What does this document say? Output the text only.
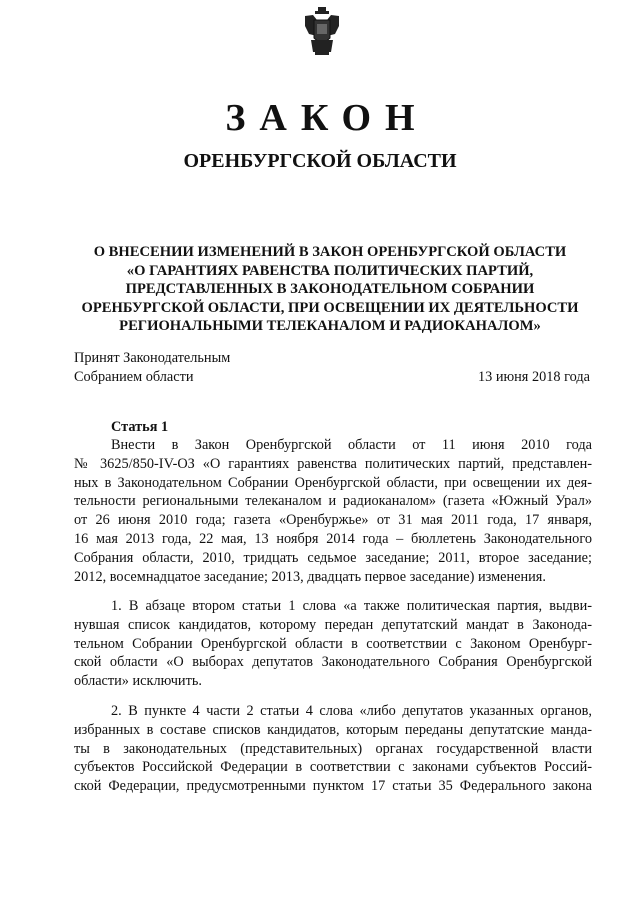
ЗАКОН
ОРЕНБУРГСКОЙ ОБЛАСТИ
О ВНЕСЕНИИ ИЗМЕНЕНИЙ В ЗАКОН ОРЕНБУРГСКОЙ ОБЛАСТИ
«О ГАРАНТИЯХ РАВЕНСТВА ПОЛИТИЧЕСКИХ ПАРТИЙ,
ПРЕДСТАВЛЕННЫХ В ЗАКОНОДАТЕЛЬНОМ СОБРАНИИ
ОРЕНБУРГСКОЙ ОБЛАСТИ, ПРИ ОСВЕЩЕНИИ ИХ ДЕЯТЕЛЬНОСТИ
РЕГИОНАЛЬНЫМИ ТЕЛЕКАНАЛОМ И РАДИОКАНАЛОМ»
Принят Законодательным
Собранием области	13 июня 2018 года
Статья 1
Внести в Закон Оренбургской области от 11 июня 2010 года
№ 3625/850-IV-ОЗ «О гарантиях равенства политических партий, представлен-
ных в Законодательном Собрании Оренбургской области, при освещении их дея-
тельности региональными телеканалом и радиоканалом» (газета «Южный Урал»
от 26 июня 2010 года; газета «Оренбуржье» от 31 мая 2011 года, 17 января,
16 мая 2013 года, 22 мая, 13 ноября 2014 года – бюллетень Законодательного
Собрания области, 2010, тридцать седьмое заседание; 2011, второе заседание;
2012, восемнадцатое заседание; 2013, двадцать первое заседание) изменения.
1. В абзаце втором статьи 1 слова «а также политическая партия, выдви-
нувшая список кандидатов, которому передан депутатский мандат в Законода-
тельном Собрании Оренбургской области в соответствии с Законом Оренбург-
ской области «О выборах депутатов Законодательного Собрания Оренбургской
области» исключить.
2. В пункте 4 части 2 статьи 4 слова «либо депутатов указанных органов,
избранных в составе списков кандидатов, которым переданы депутатские манда-
ты в законодательных (представительных) органах государственной власти
субъектов Российской Федерации в соответствии с законами субъектов Россий-
ской Федерации, предусмотренными пунктом 17 статьи 35 Федерального закона
